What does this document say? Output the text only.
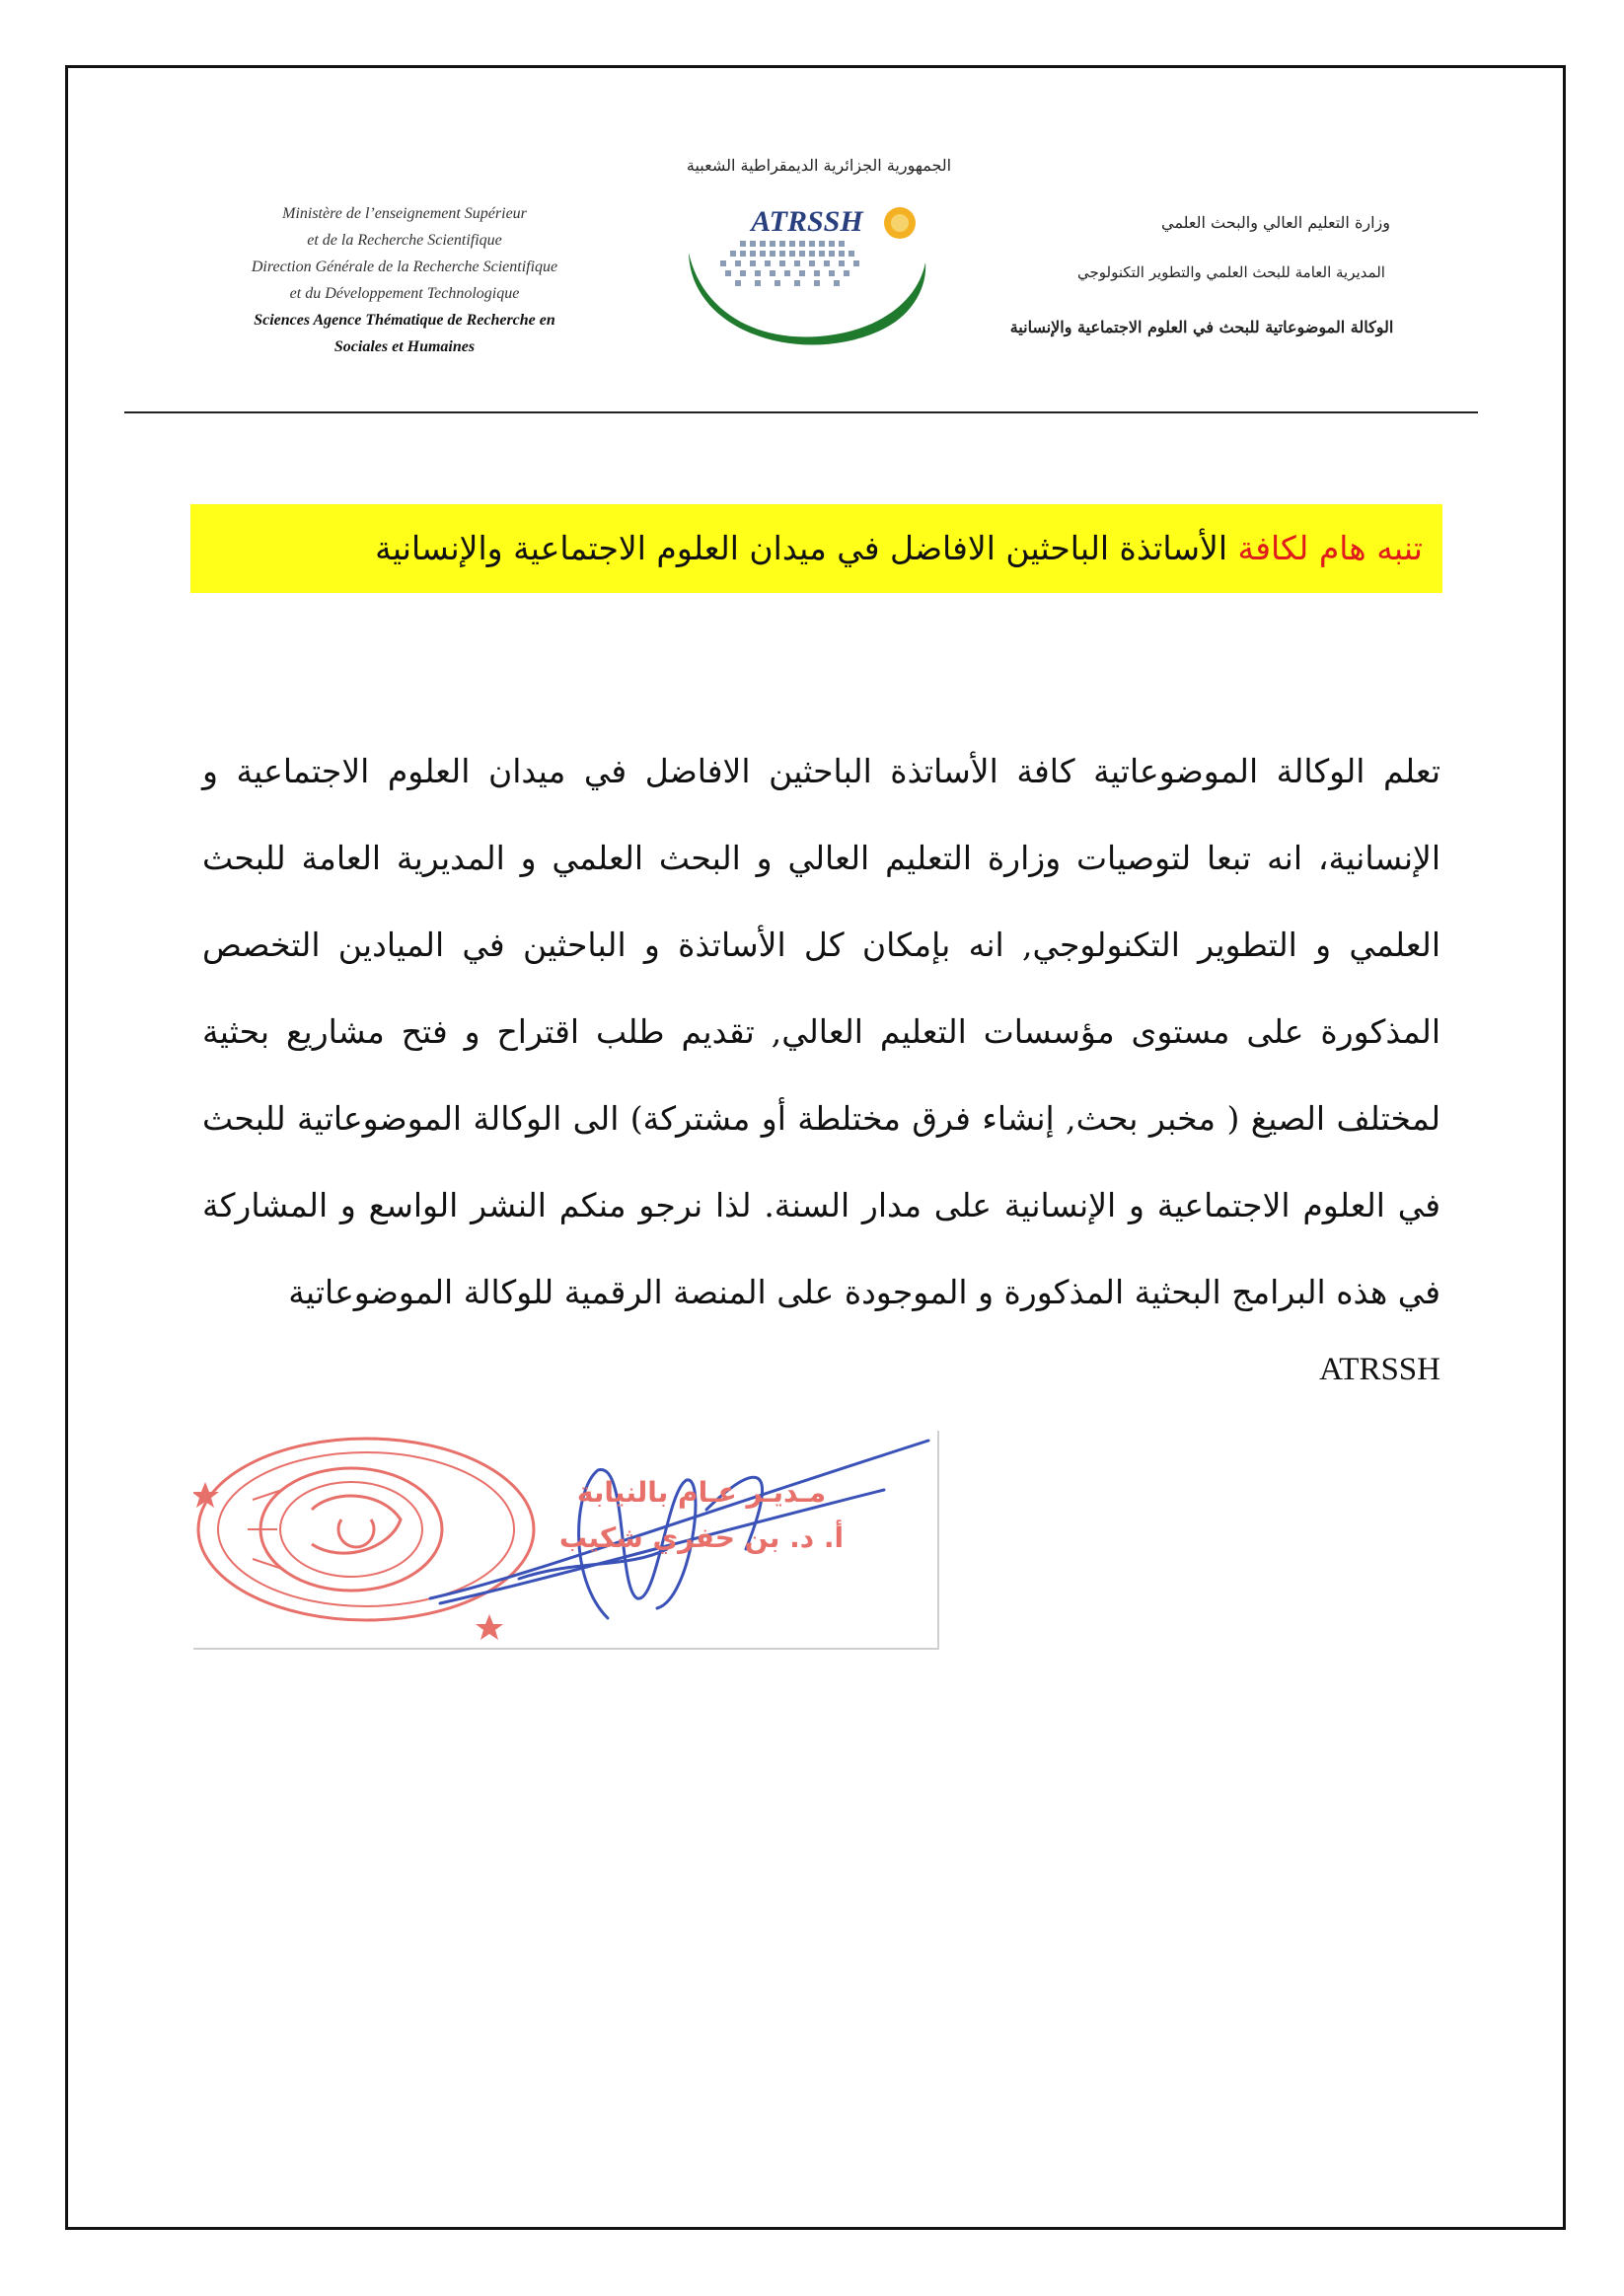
Ministère de l’enseignement Supérieur
et de la Recherche Scientifique
Direction Générale de la Recherche Scientifique
et du Développement Technologique
Sciences Agence Thématique de Recherche en
Sociales et Humaines
الجمهورية الجزائرية الديمقراطية الشعبية
ATRSSH
الوكالة الموضوعاتية للبحث في العلوم الاجتماعية والإنسانية
وزارة التعليم العالي والبحث العلمي
المديرية العامة للبحث العلمي والتطوير التكنولوجي
الوكالة الموضوعاتية للبحث في العلوم الاجتماعية والإنسانية
تنبه هام لكافة الأساتذة الباحثين الافاضل في ميدان العلوم الاجتماعية والإنسانية
تعلم الوكالة الموضوعاتية كافة الأساتذة الباحثين الافاضل في ميدان العلوم الاجتماعية و الإنسانية، انه تبعا لتوصيات وزارة التعليم العالي و البحث العلمي و المديرية العامة للبحث العلمي و التطوير التكنولوجي, انه بإمكان كل الأساتذة و الباحثين في الميادين التخصص المذكورة على مستوى مؤسسات التعليم العالي, تقديم طلب اقتراح و فتح مشاريع بحثية لمختلف الصيغ ( مخبر بحث, إنشاء فرق مختلطة أو مشتركة) الى الوكالة الموضوعاتية للبحث في العلوم الاجتماعية و الإنسانية على مدار السنة. لذا نرجو منكم النشر الواسع و المشاركة في هذه البرامج البحثية المذكورة و الموجودة على المنصة الرقمية للوكالة الموضوعاتية
ATRSSH
مـديـر عـام بالنيابة
أ. د. بن حفري شكيب
